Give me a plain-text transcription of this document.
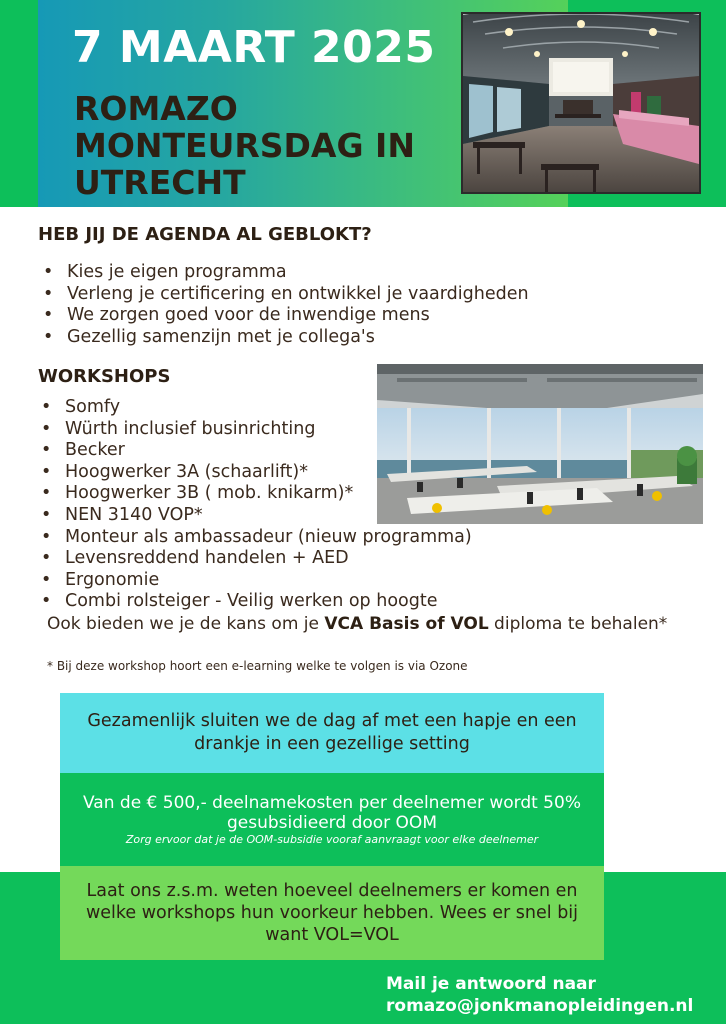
7 MAART 2025
ROMAZO MONTEURSDAG IN UTRECHT
HEB JIJ DE AGENDA AL GEBLOKT?
• Kies je eigen programma
• Verleng je certificering en ontwikkel je vaardigheden
• We zorgen goed voor de inwendige mens
• Gezellig samenzijn met je collega's
WORKSHOPS
• Somfy
• Würth inclusief businrichting
• Becker
• Hoogwerker 3A (schaarlift)*
• Hoogwerker 3B ( mob. knikarm)*
• NEN 3140 VOP*
• Monteur als ambassadeur (nieuw programma)
• Levensreddend handelen + AED
• Ergonomie
• Combi rolsteiger - Veilig werken op hoogte
Ook bieden we je de kans om je VCA Basis of VOL diploma te behalen*
* Bij deze workshop hoort een e-learning welke te volgen is via Ozone
Gezamenlijk sluiten we de dag af met een hapje en een drankje in een gezellige setting
Van de € 500,- deelnamekosten per deelnemer wordt 50% gesubsidieerd door OOM
Zorg ervoor dat je de OOM-subsidie vooraf aanvraagt voor elke deelnemer
Laat ons z.s.m. weten hoeveel deelnemers er komen en welke workshops hun voorkeur hebben. Wees er snel bij want VOL=VOL
Mail je antwoord naar
romazo@jonkmanopleidingen.nl
